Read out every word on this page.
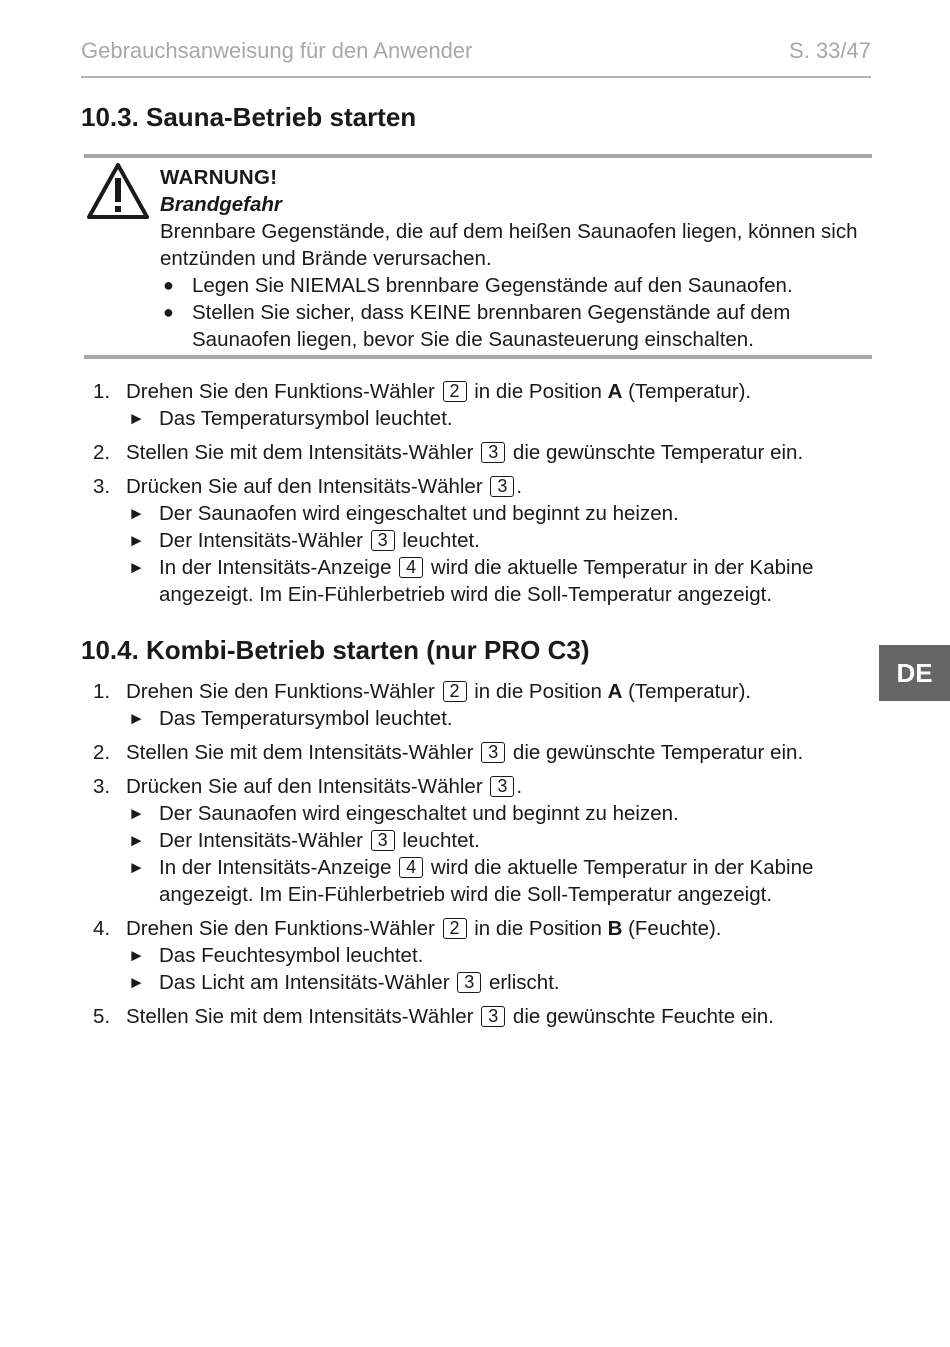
Gebrauchsanweisung für den Anwender	S. 33/47
10.3. Sauna-Betrieb starten
WARNUNG!
Brandgefahr
Brennbare Gegenstände, die auf dem heißen Saunaofen liegen, können sich entzünden und Brände verursachen.
● Legen Sie NIEMALS brennbare Gegenstände auf den Saunaofen.
● Stellen Sie sicher, dass KEINE brennbaren Gegenstände auf dem Saunaofen liegen, bevor Sie die Saunasteuerung einschalten.
1. Drehen Sie den Funktions-Wähler 2 in die Position A (Temperatur).
► Das Temperatursymbol leuchtet.
2. Stellen Sie mit dem Intensitäts-Wähler 3 die gewünschte Temperatur ein.
3. Drücken Sie auf den Intensitäts-Wähler 3 .
► Der Saunaofen wird eingeschaltet und beginnt zu heizen.
► Der Intensitäts-Wähler 3 leuchtet.
► In der Intensitäts-Anzeige 4 wird die aktuelle Temperatur in der Kabine angezeigt. Im Ein-Fühlerbetrieb wird die Soll-Temperatur angezeigt.
10.4. Kombi-Betrieb starten (nur PRO C3)
1. Drehen Sie den Funktions-Wähler 2 in die Position A (Temperatur).
► Das Temperatursymbol leuchtet.
2. Stellen Sie mit dem Intensitäts-Wähler 3 die gewünschte Temperatur ein.
3. Drücken Sie auf den Intensitäts-Wähler 3 .
► Der Saunaofen wird eingeschaltet und beginnt zu heizen.
► Der Intensitäts-Wähler 3 leuchtet.
► In der Intensitäts-Anzeige 4 wird die aktuelle Temperatur in der Kabine angezeigt. Im Ein-Fühlerbetrieb wird die Soll-Temperatur angezeigt.
4. Drehen Sie den Funktions-Wähler 2 in die Position B (Feuchte).
► Das Feuchtesymbol leuchtet.
► Das Licht am Intensitäts-Wähler 3 erlischt.
5. Stellen Sie mit dem Intensitäts-Wähler 3 die gewünschte Feuchte ein.
DE
